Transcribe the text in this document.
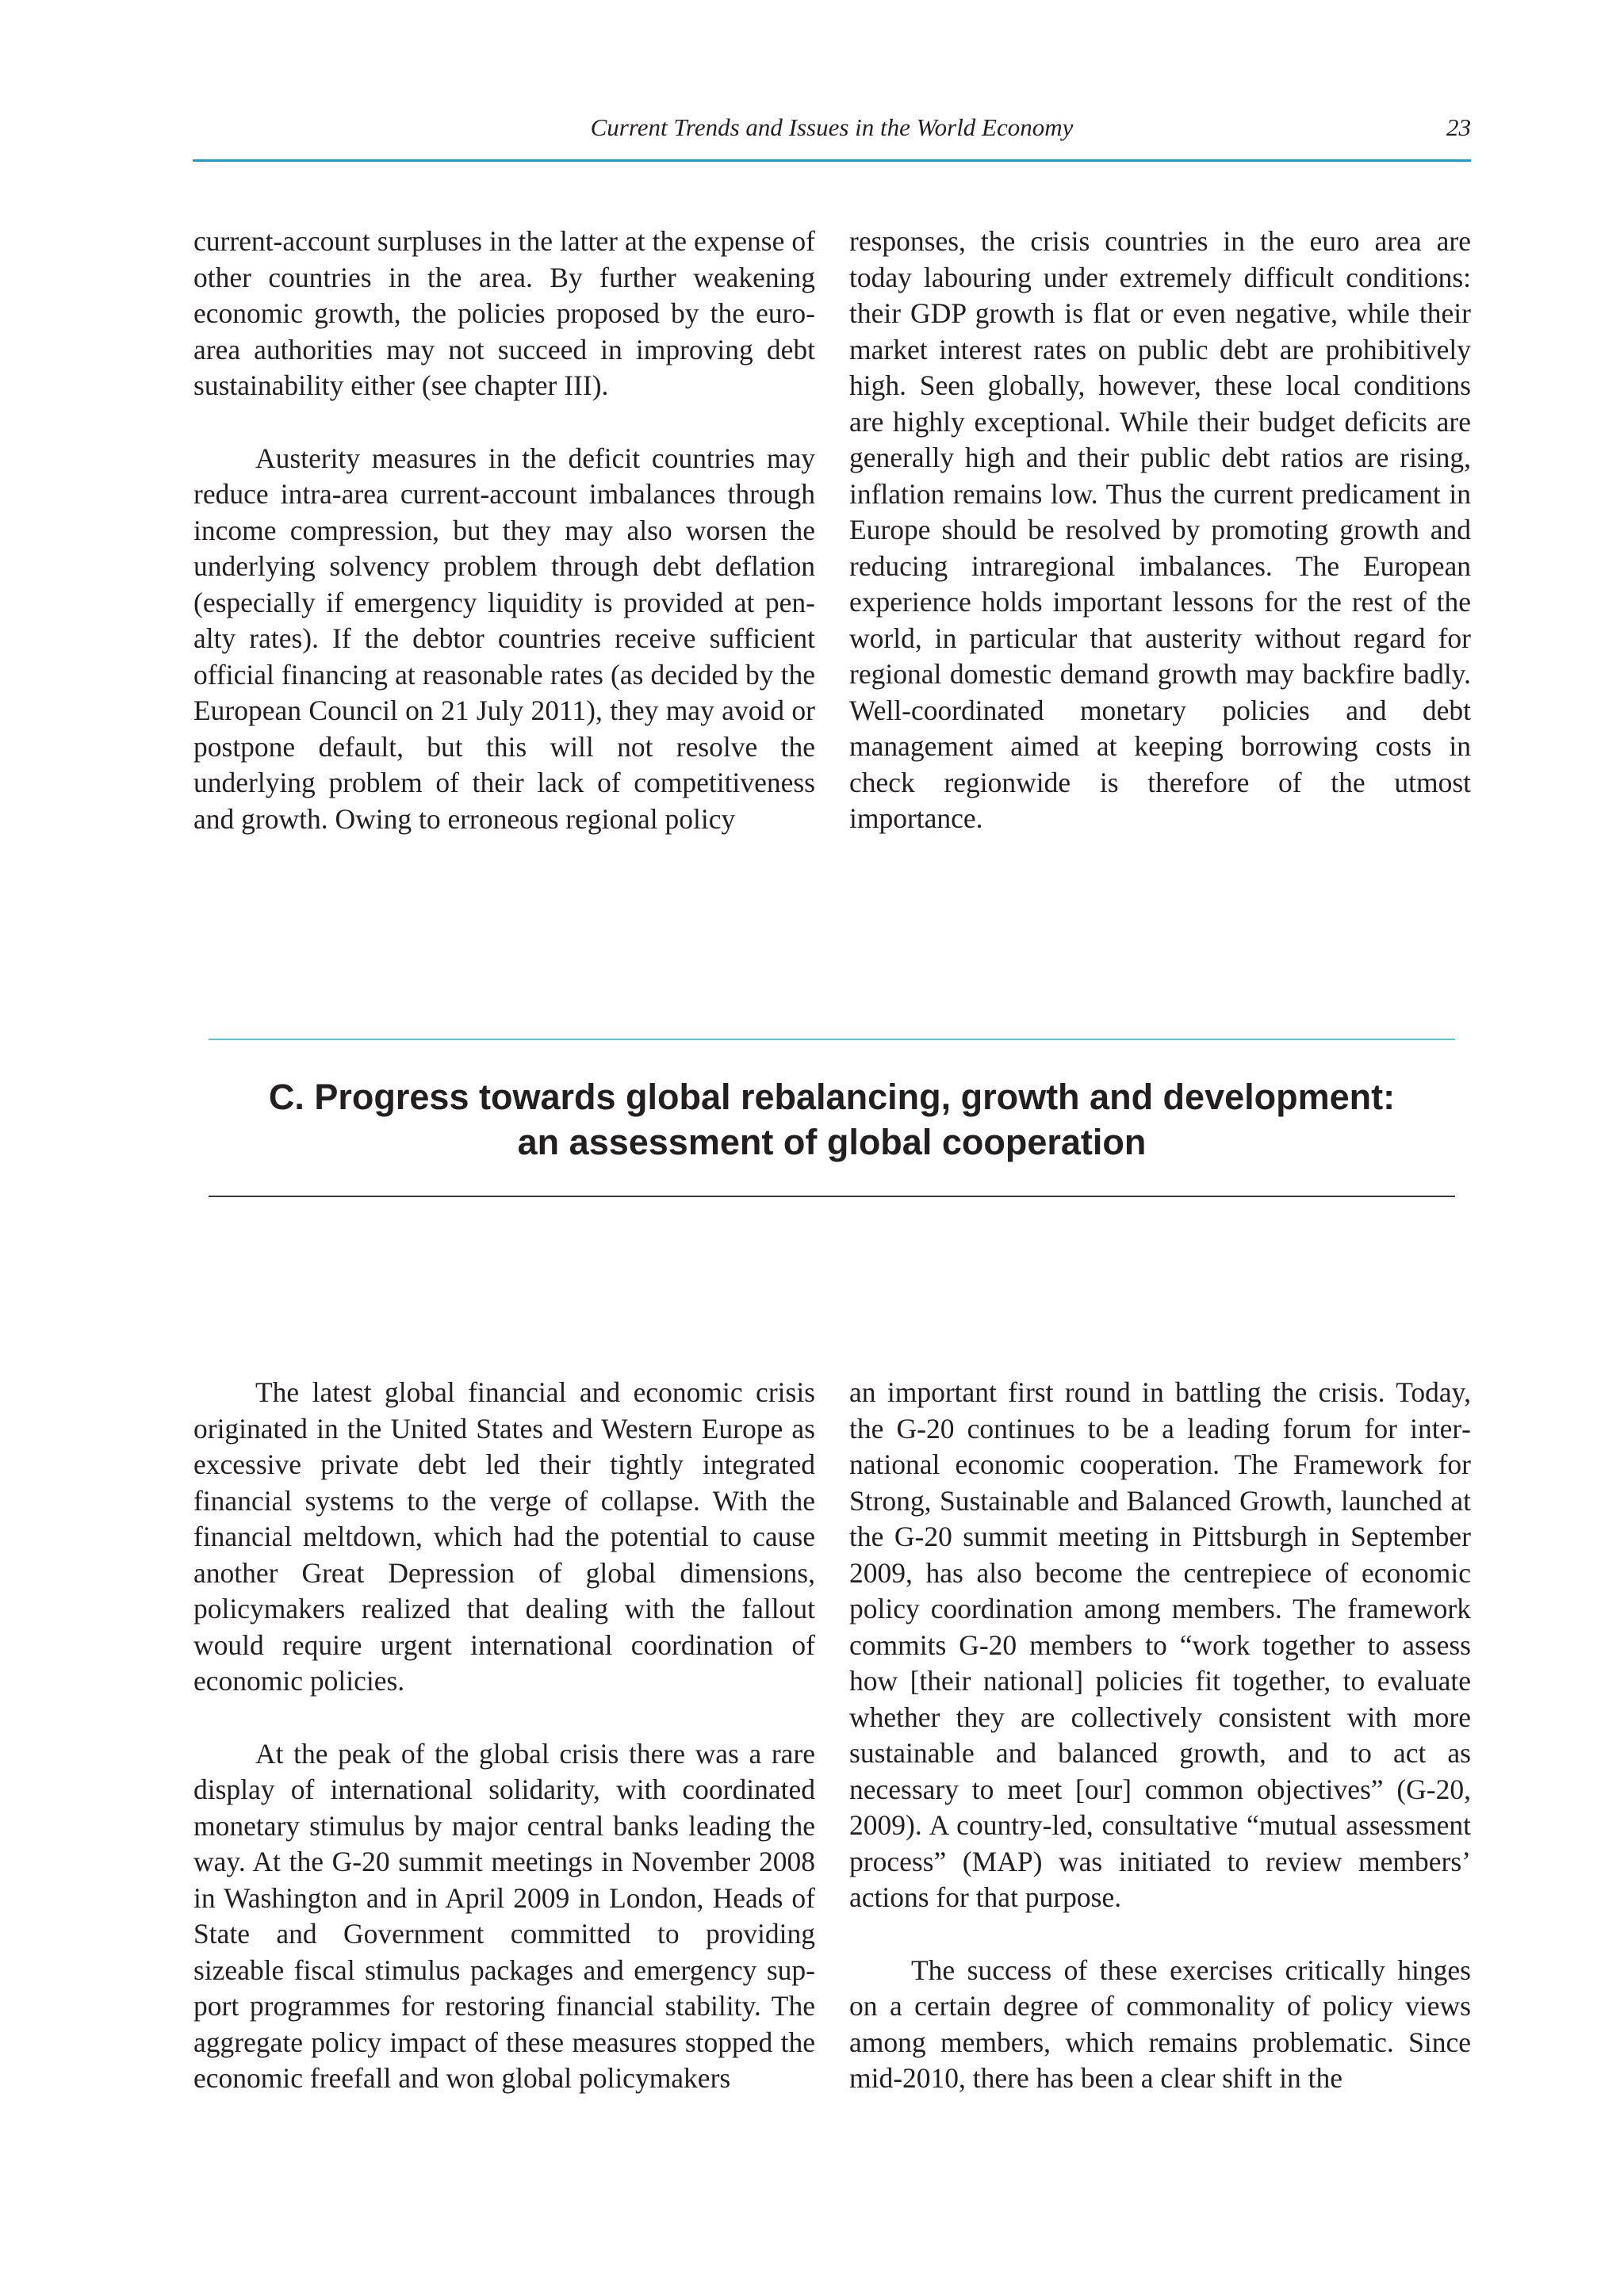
Current Trends and Issues in the World Economy	23

current-account surpluses in the latter at the expense of other countries in the area. By further weakening economic growth, the policies proposed by the euro-area authorities may not succeed in improving debt sustainability either (see chapter III).

Austerity measures in the deficit countries may reduce intra-area current-account imbalances through income compression, but they may also worsen the underlying solvency problem through debt deflation (especially if emergency liquidity is provided at penalty rates). If the debtor countries receive sufficient official financing at reasonable rates (as decided by the European Council on 21 July 2011), they may avoid or postpone default, but this will not resolve the underlying problem of their lack of competitiveness and growth. Owing to erroneous regional policy

responses, the crisis countries in the euro area are today labouring under extremely difficult conditions: their GDP growth is flat or even negative, while their market interest rates on public debt are prohibitively high. Seen globally, however, these local conditions are highly exceptional. While their budget deficits are generally high and their public debt ratios are rising, inflation remains low. Thus the current predicament in Europe should be resolved by promoting growth and reducing intraregional imbalances. The European experience holds important lessons for the rest of the world, in particular that austerity without regard for regional domestic demand growth may backfire badly. Well-coordinated monetary policies and debt management aimed at keeping borrowing costs in check regionwide is therefore of the utmost importance.

C. Progress towards global rebalancing, growth and development:
an assessment of global cooperation

The latest global financial and economic crisis originated in the United States and Western Europe as excessive private debt led their tightly integrated financial systems to the verge of collapse. With the financial meltdown, which had the potential to cause another Great Depression of global dimensions, policymakers realized that dealing with the fallout would require urgent international coordination of economic policies.

At the peak of the global crisis there was a rare display of international solidarity, with coordinated monetary stimulus by major central banks leading the way. At the G-20 summit meetings in November 2008 in Washington and in April 2009 in London, Heads of State and Government committed to providing sizeable fiscal stimulus packages and emergency support programmes for restoring financial stability. The aggregate policy impact of these measures stopped the economic freefall and won global policymakers

an important first round in battling the crisis. Today, the G-20 continues to be a leading forum for international economic cooperation. The Framework for Strong, Sustainable and Balanced Growth, launched at the G-20 summit meeting in Pittsburgh in September 2009, has also become the centrepiece of economic policy coordination among members. The framework commits G-20 members to “work together to assess how [their national] policies fit together, to evaluate whether they are collectively consistent with more sustainable and balanced growth, and to act as necessary to meet [our] common objectives” (G-20, 2009). A country-led, consultative “mutual assessment process” (MAP) was initiated to review members’ actions for that purpose.

The success of these exercises critically hinges on a certain degree of commonality of policy views among members, which remains problematic. Since mid-2010, there has been a clear shift in the
